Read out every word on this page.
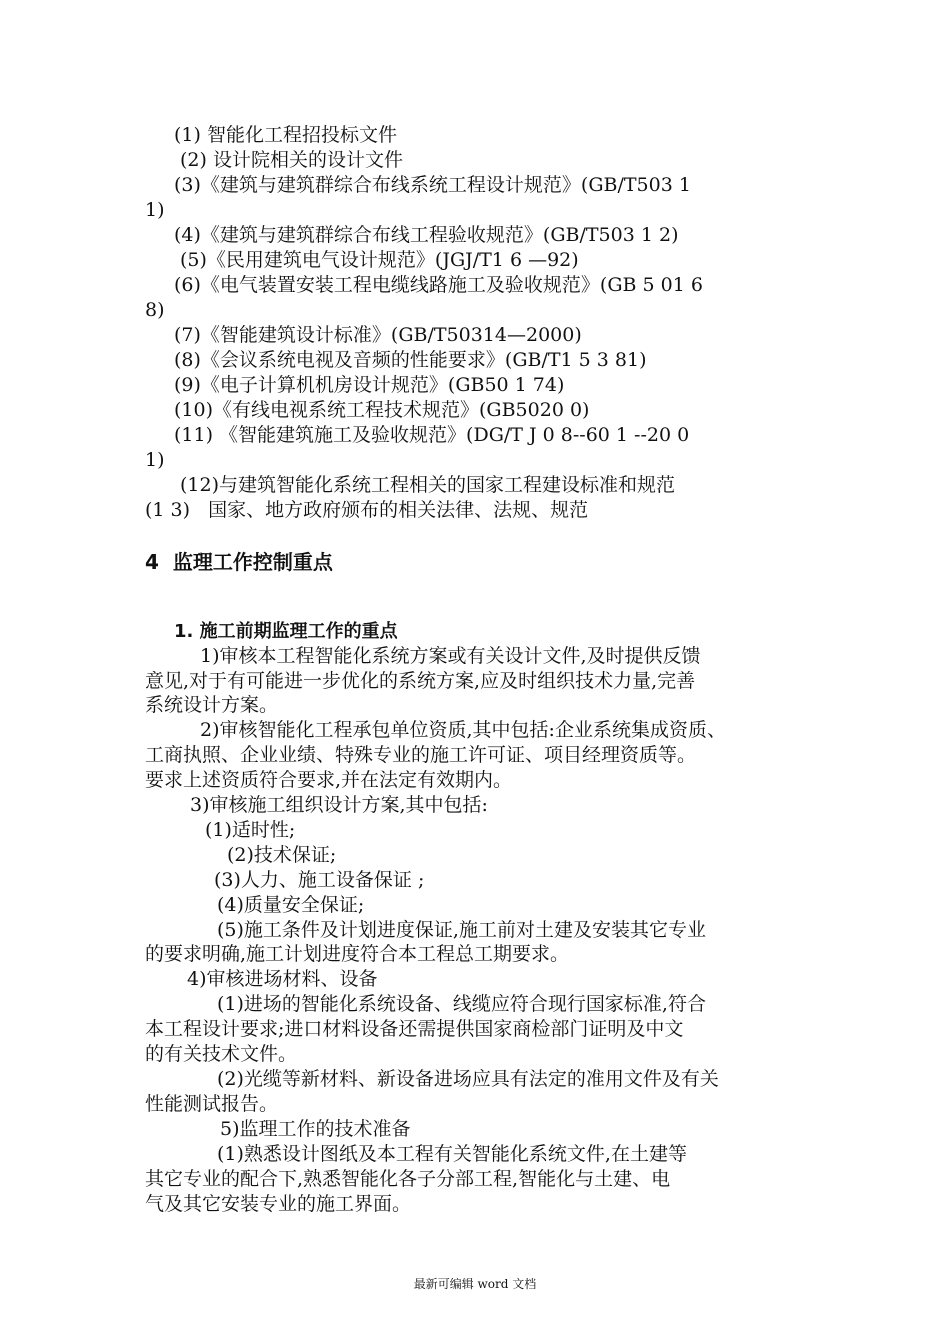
(1) 智能化工程招投标文件
(2) 设计院相关的设计文件
(3)《建筑与建筑群综合布线系统工程设计规范》(GB/T503 1
1)
(4)《建筑与建筑群综合布线工程验收规范》(GB/T503 1 2)
(5)《民用建筑电气设计规范》(JGJ/T1 6 —92)
(6)《电气装置安装工程电缆线路施工及验收规范》(GB 5 01 6
8)
(7)《智能建筑设计标准》(GB/T50314—2000)
(8)《会议系统电视及音频的性能要求》(GB/T1 5 3 81)
(9)《电子计算机机房设计规范》(GB50 1 74)
(10)《有线电视系统工程技术规范》(GB5020 0)
(11) 《智能建筑施工及验收规范》(DG/T J 0 8--60 1 --20 0
1)
(12)与建筑智能化系统工程相关的国家工程建设标准和规范
(1 3)   国家、地方政府颁布的相关法律、法规、规范
4  监理工作控制重点
1. 施工前期监理工作的重点
1)审核本工程智能化系统方案或有关设计文件,及时提供反馈
意见,对于有可能进一步优化的系统方案,应及时组织技术力量,完善
系统设计方案。
2)审核智能化工程承包单位资质,其中包括:企业系统集成资质、
工商执照、企业业绩、特殊专业的施工许可证、项目经理资质等。
要求上述资质符合要求,并在法定有效期内。
3)审核施工组织设计方案,其中包括:
(1)适时性;
(2)技术保证;
(3)人力、施工设备保证 ;
(4)质量安全保证;
(5)施工条件及计划进度保证,施工前对土建及安装其它专业
的要求明确,施工计划进度符合本工程总工期要求。
4)审核进场材料、设备
(1)进场的智能化系统设备、线缆应符合现行国家标准,符合
本工程设计要求;进口材料设备还需提供国家商检部门证明及中文
的有关技术文件。
(2)光缆等新材料、新设备进场应具有法定的准用文件及有关
性能测试报告。
5)监理工作的技术准备
(1)熟悉设计图纸及本工程有关智能化系统文件,在土建等
其它专业的配合下,熟悉智能化各子分部工程,智能化与土建、电
气及其它安装专业的施工界面。
最新可编辑 word 文档
